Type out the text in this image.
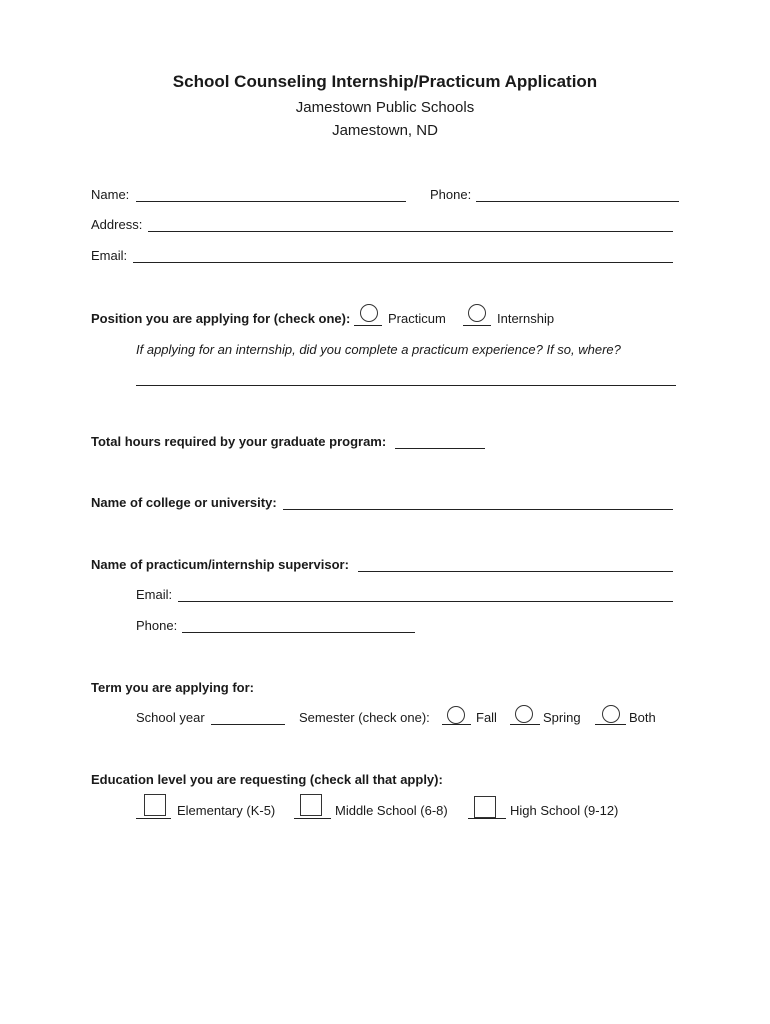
School Counseling Internship/Practicum Application
Jamestown Public Schools
Jamestown, ND
Name:	Phone:
Address:
Email:
Position you are applying for (check one):	Practicum	Internship
If applying for an internship, did you complete a practicum experience? If so, where?
Total hours required by your graduate program:
Name of college or university:
Name of practicum/internship supervisor:
Email:
Phone:
Term you are applying for:
School year	Semester (check one):	Fall	Spring	Both
Education level you are requesting (check all that apply):
Elementary (K-5)	Middle School (6-8)	High School (9-12)
